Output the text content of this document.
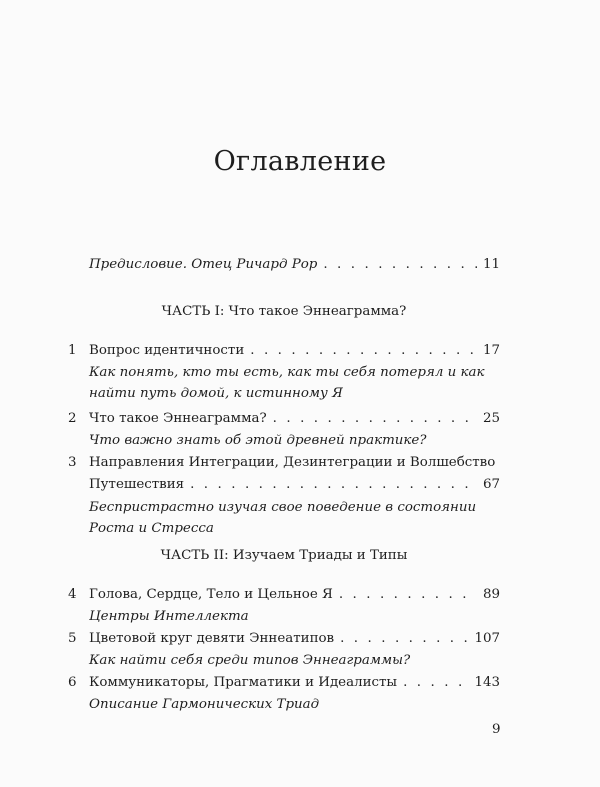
Оглавление
Предисловие. Отец Ричард Рор . . .	11
ЧАСТЬ I: Что такое Эннеаграмма?
1 Вопрос идентичности . . .	17
Как понять, кто ты есть, как ты себя потерял и как
найти путь домой, к истинному Я
2 Что такое Эннеаграмма? . . .	25
Что важно знать об этой древней практике?
3 Направления Интеграции, Дезинтеграции и Волшебство
Путешествия . . .	67
Беспристрастно изучая свое поведение в состоянии
Роста и Стресса
ЧАСТЬ II: Изучаем Триады и Типы
4 Голова, Сердце, Тело и Цельное Я . . .	89
Центры Интеллекта
5 Цветовой круг девяти Эннеатипов . . .	107
Как найти себя среди типов Эннеаграммы?
6 Коммуникаторы, Прагматики и Идеалисты . . .	143
Описание Гармонических Триад
9
